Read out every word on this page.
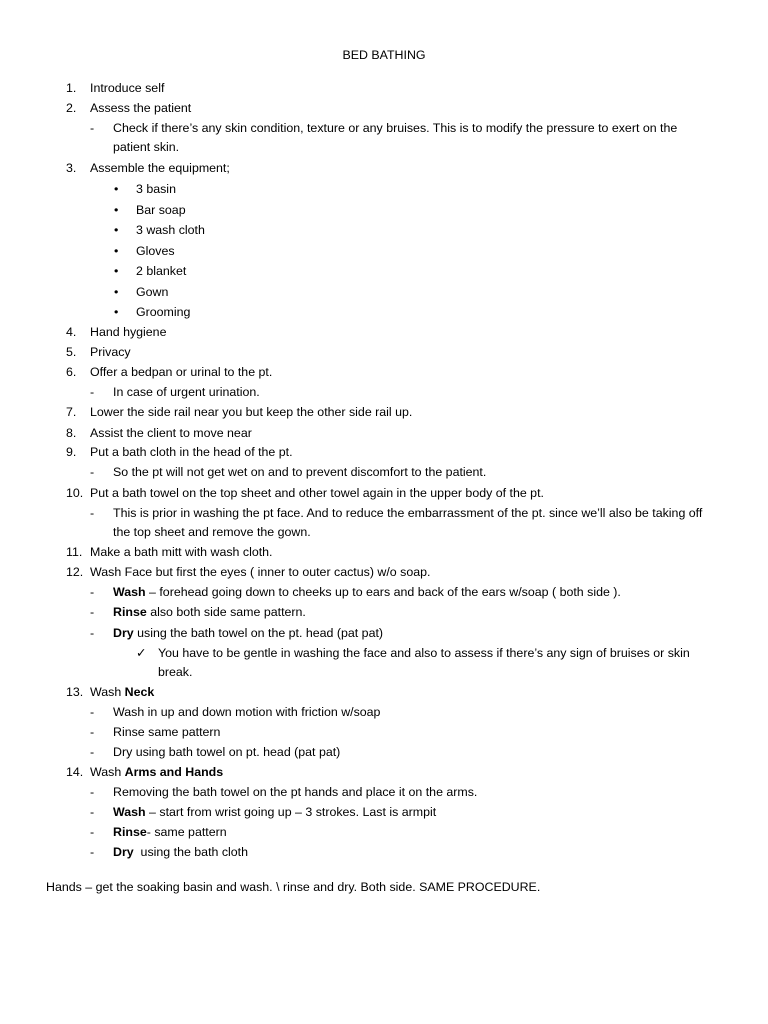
BED BATHING
1. Introduce self
2. Assess the patient
- Check if there’s any skin condition, texture or any bruises. This is to modify the pressure to exert on the
patient skin.
3. Assemble the equipment;
• 3 basin
• Bar soap
• 3 wash cloth
• Gloves
• 2 blanket
• Gown
• Grooming
4. Hand hygiene
5. Privacy
6. Offer a bedpan or urinal to the pt.
- In case of urgent urination.
7. Lower the side rail near you but keep the other side rail up.
8. Assist the client to move near
9. Put a bath cloth in the head of the pt.
- So the pt will not get wet on and to prevent discomfort to the patient.
10. Put a bath towel on the top sheet and other towel again in the upper body of the pt.
- This is prior in washing the pt face. And to reduce the embarrassment of the pt. since we’ll also be taking off
the top sheet and remove the gown.
11. Make a bath mitt with wash cloth.
12. Wash Face but first the eyes ( inner to outer cactus) w/o soap.
- Wash – forehead going down to cheeks up to ears and back of the ears w/soap ( both side ).
- Rinse also both side same pattern.
- Dry using the bath towel on the pt. head (pat pat)
✓ You have to be gentle in washing the face and also to assess if there’s any sign of bruises or skin
break.
13. Wash Neck
- Wash in up and down motion with friction w/soap
- Rinse same pattern
- Dry using bath towel on pt. head (pat pat)
14. Wash Arms and Hands
- Removing the bath towel on the pt hands and place it on the arms.
- Wash – start from wrist going up – 3 strokes. Last is armpit
- Rinse- same pattern
- Dry  using the bath cloth
Hands – get the soaking basin and wash. \ rinse and dry. Both side. SAME PROCEDURE.
